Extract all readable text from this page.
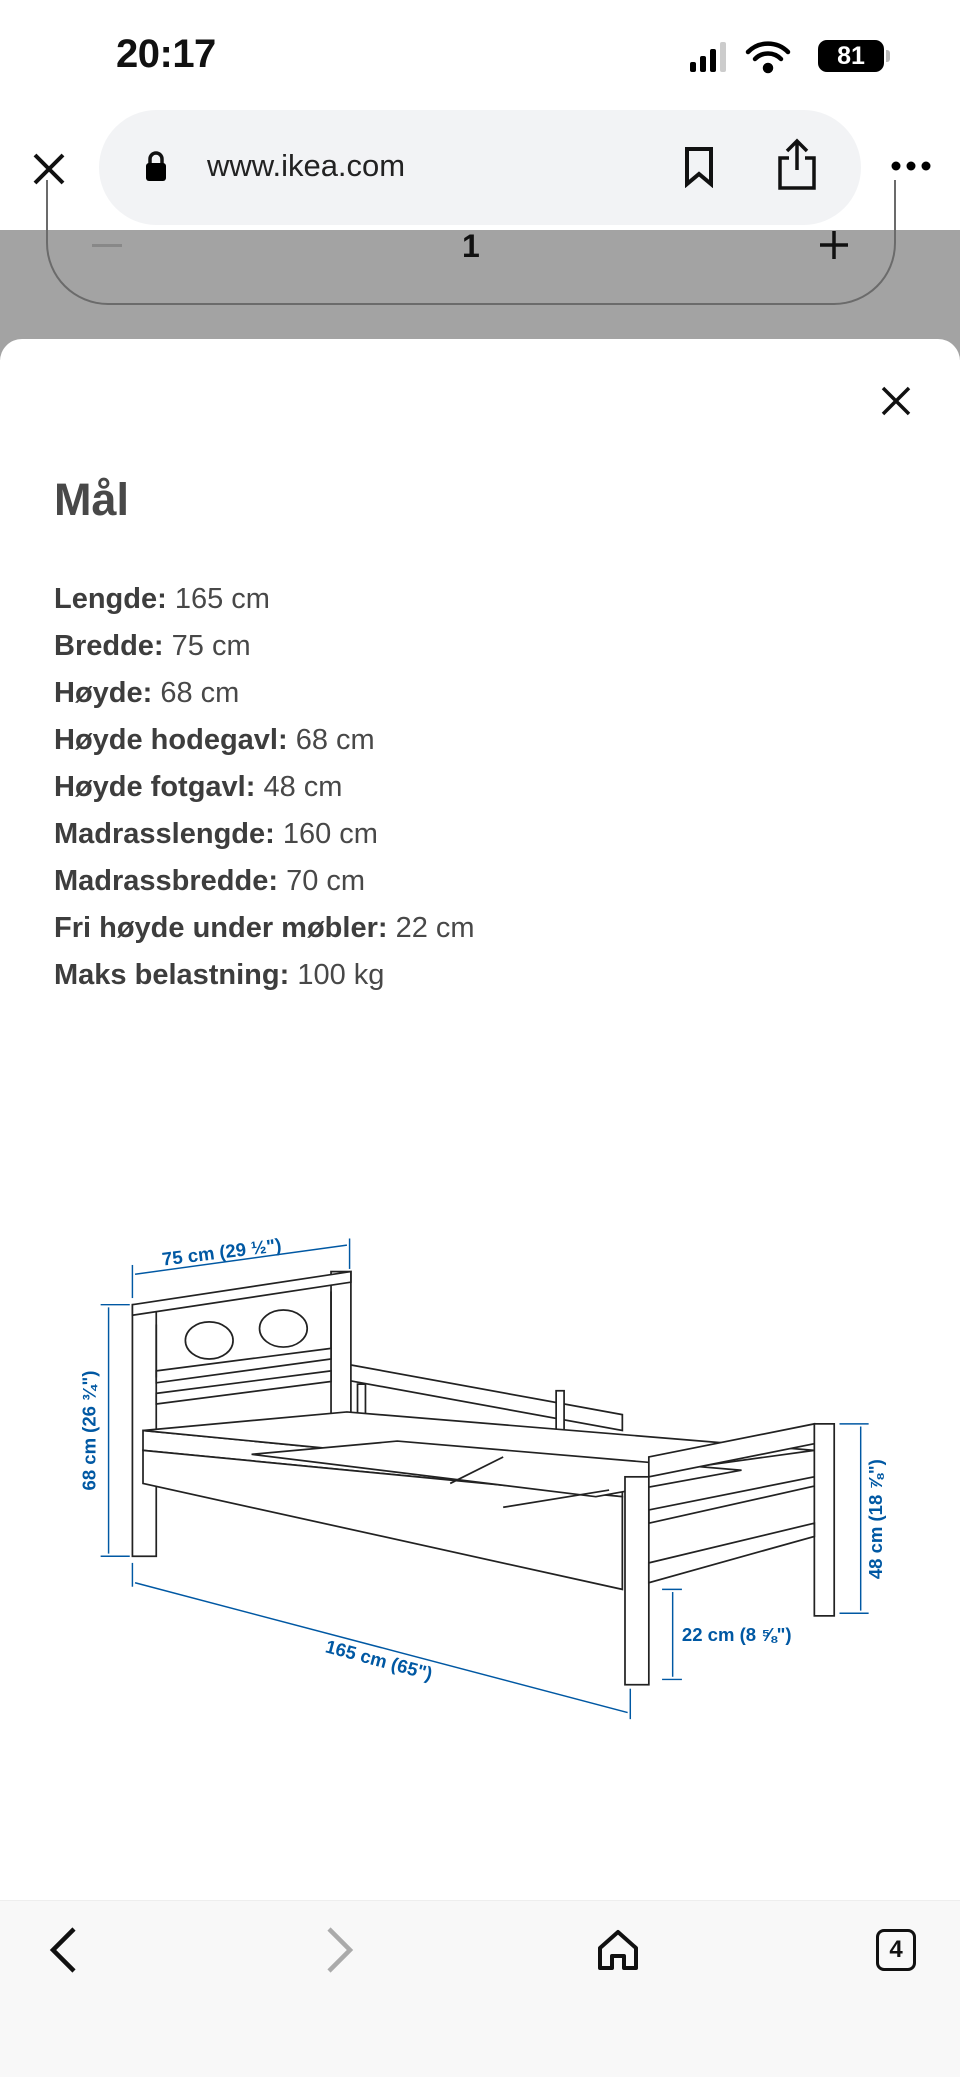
20:17	81
www.ikea.com
1
Mål
Lengde: 165 cm
Bredde: 75 cm
Høyde: 68 cm
Høyde hodegavl: 68 cm
Høyde fotgavl: 48 cm
Madrasslengde: 160 cm
Madrassbredde: 70 cm
Fri høyde under møbler: 22 cm
Maks belastning: 100 kg
75 cm (29 ½")
68 cm (26 ¾")
48 cm (18 ⅞")
22 cm (8 ⅝")
165 cm (65")
4
